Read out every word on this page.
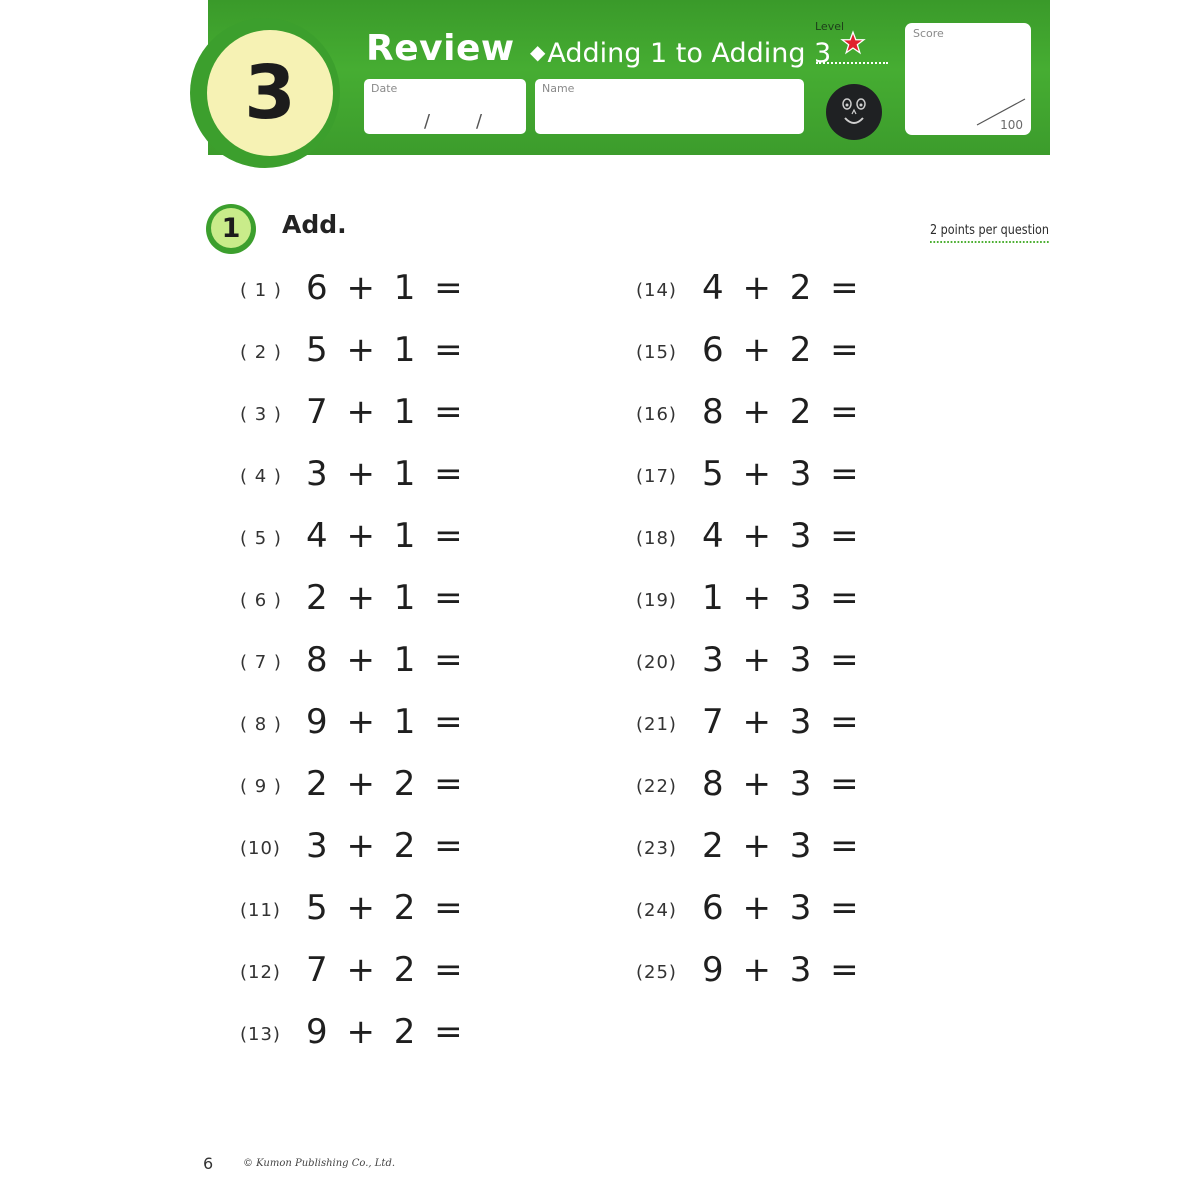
3
Review ◆Adding 1 to Adding 3
Date
/	/
Name
Level
Score
100
1	Add.	2 points per question
( 1 ) 6 + 1 =
( 2 ) 5 + 1 =
( 3 ) 7 + 1 =
( 4 ) 3 + 1 =
( 5 ) 4 + 1 =
( 6 ) 2 + 1 =
( 7 ) 8 + 1 =
( 8 ) 9 + 1 =
( 9 ) 2 + 2 =
(10) 3 + 2 =
(11) 5 + 2 =
(12) 7 + 2 =
(13) 9 + 2 =
(14) 4 + 2 =
(15) 6 + 2 =
(16) 8 + 2 =
(17) 5 + 3 =
(18) 4 + 3 =
(19) 1 + 3 =
(20) 3 + 3 =
(21) 7 + 3 =
(22) 8 + 3 =
(23) 2 + 3 =
(24) 6 + 3 =
(25) 9 + 3 =
6	© Kumon Publishing Co., Ltd.
